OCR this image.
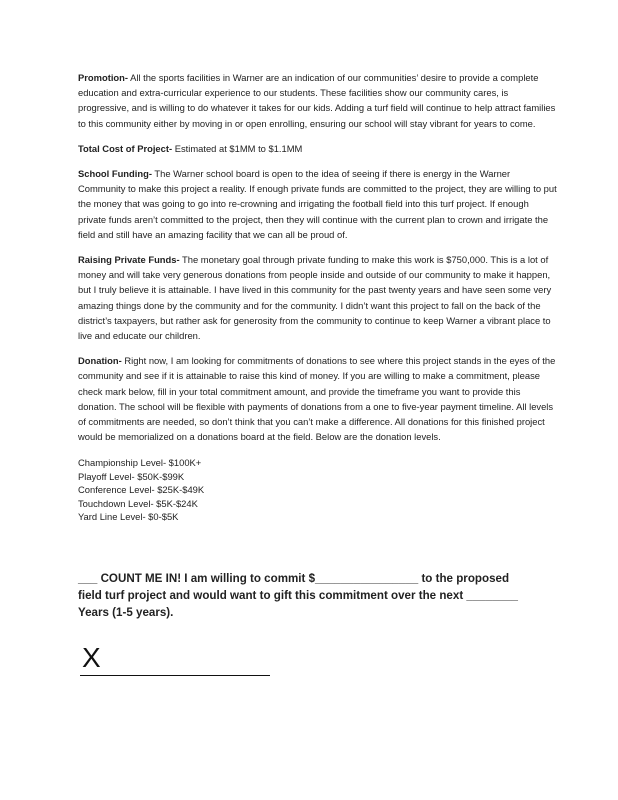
Promotion- All the sports facilities in Warner are an indication of our communities’ desire to provide a complete education and extra-curricular experience to our students. These facilities show our community cares, is progressive, and is willing to do whatever it takes for our kids. Adding a turf field will continue to help attract families to this community either by moving in or open enrolling, ensuring our school will stay vibrant for years to come.

Total Cost of Project- Estimated at $1MM to $1.1MM

School Funding- The Warner school board is open to the idea of seeing if there is energy in the Warner Community to make this project a reality. If enough private funds are committed to the project, they are willing to put the money that was going to go into re-crowning and irrigating the football field into this turf project. If enough private funds aren’t committed to the project, then they will continue with the current plan to crown and irrigate the field and still have an amazing facility that we can all be proud of.

Raising Private Funds- The monetary goal through private funding to make this work is $750,000. This is a lot of money and will take very generous donations from people inside and outside of our community to make it happen, but I truly believe it is attainable. I have lived in this community for the past twenty years and have seen some very amazing things done by the community and for the community. I didn’t want this project to fall on the back of the district’s taxpayers, but rather ask for generosity from the community to continue to keep Warner a vibrant place to live and educate our children.

Donation- Right now, I am looking for commitments of donations to see where this project stands in the eyes of the community and see if it is attainable to raise this kind of money. If you are willing to make a commitment, please check mark below, fill in your total commitment amount, and provide the timeframe you want to provide this donation. The school will be flexible with payments of donations from a one to five-year payment timeline. All levels of commitments are needed, so don’t think that you can’t make a difference. All donations for this finished project would be memorialized on a donations board at the field. Below are the donation levels.

Championship Level- $100K+
Playoff Level- $50K-$99K
Conference Level- $25K-$49K
Touchdown Level- $5K-$24K
Yard Line Level- $0-$5K
___ COUNT ME IN! I am willing to commit $________________ to the proposed
field turf project and would want to gift this commitment over the next ________
Years (1-5 years).
X
